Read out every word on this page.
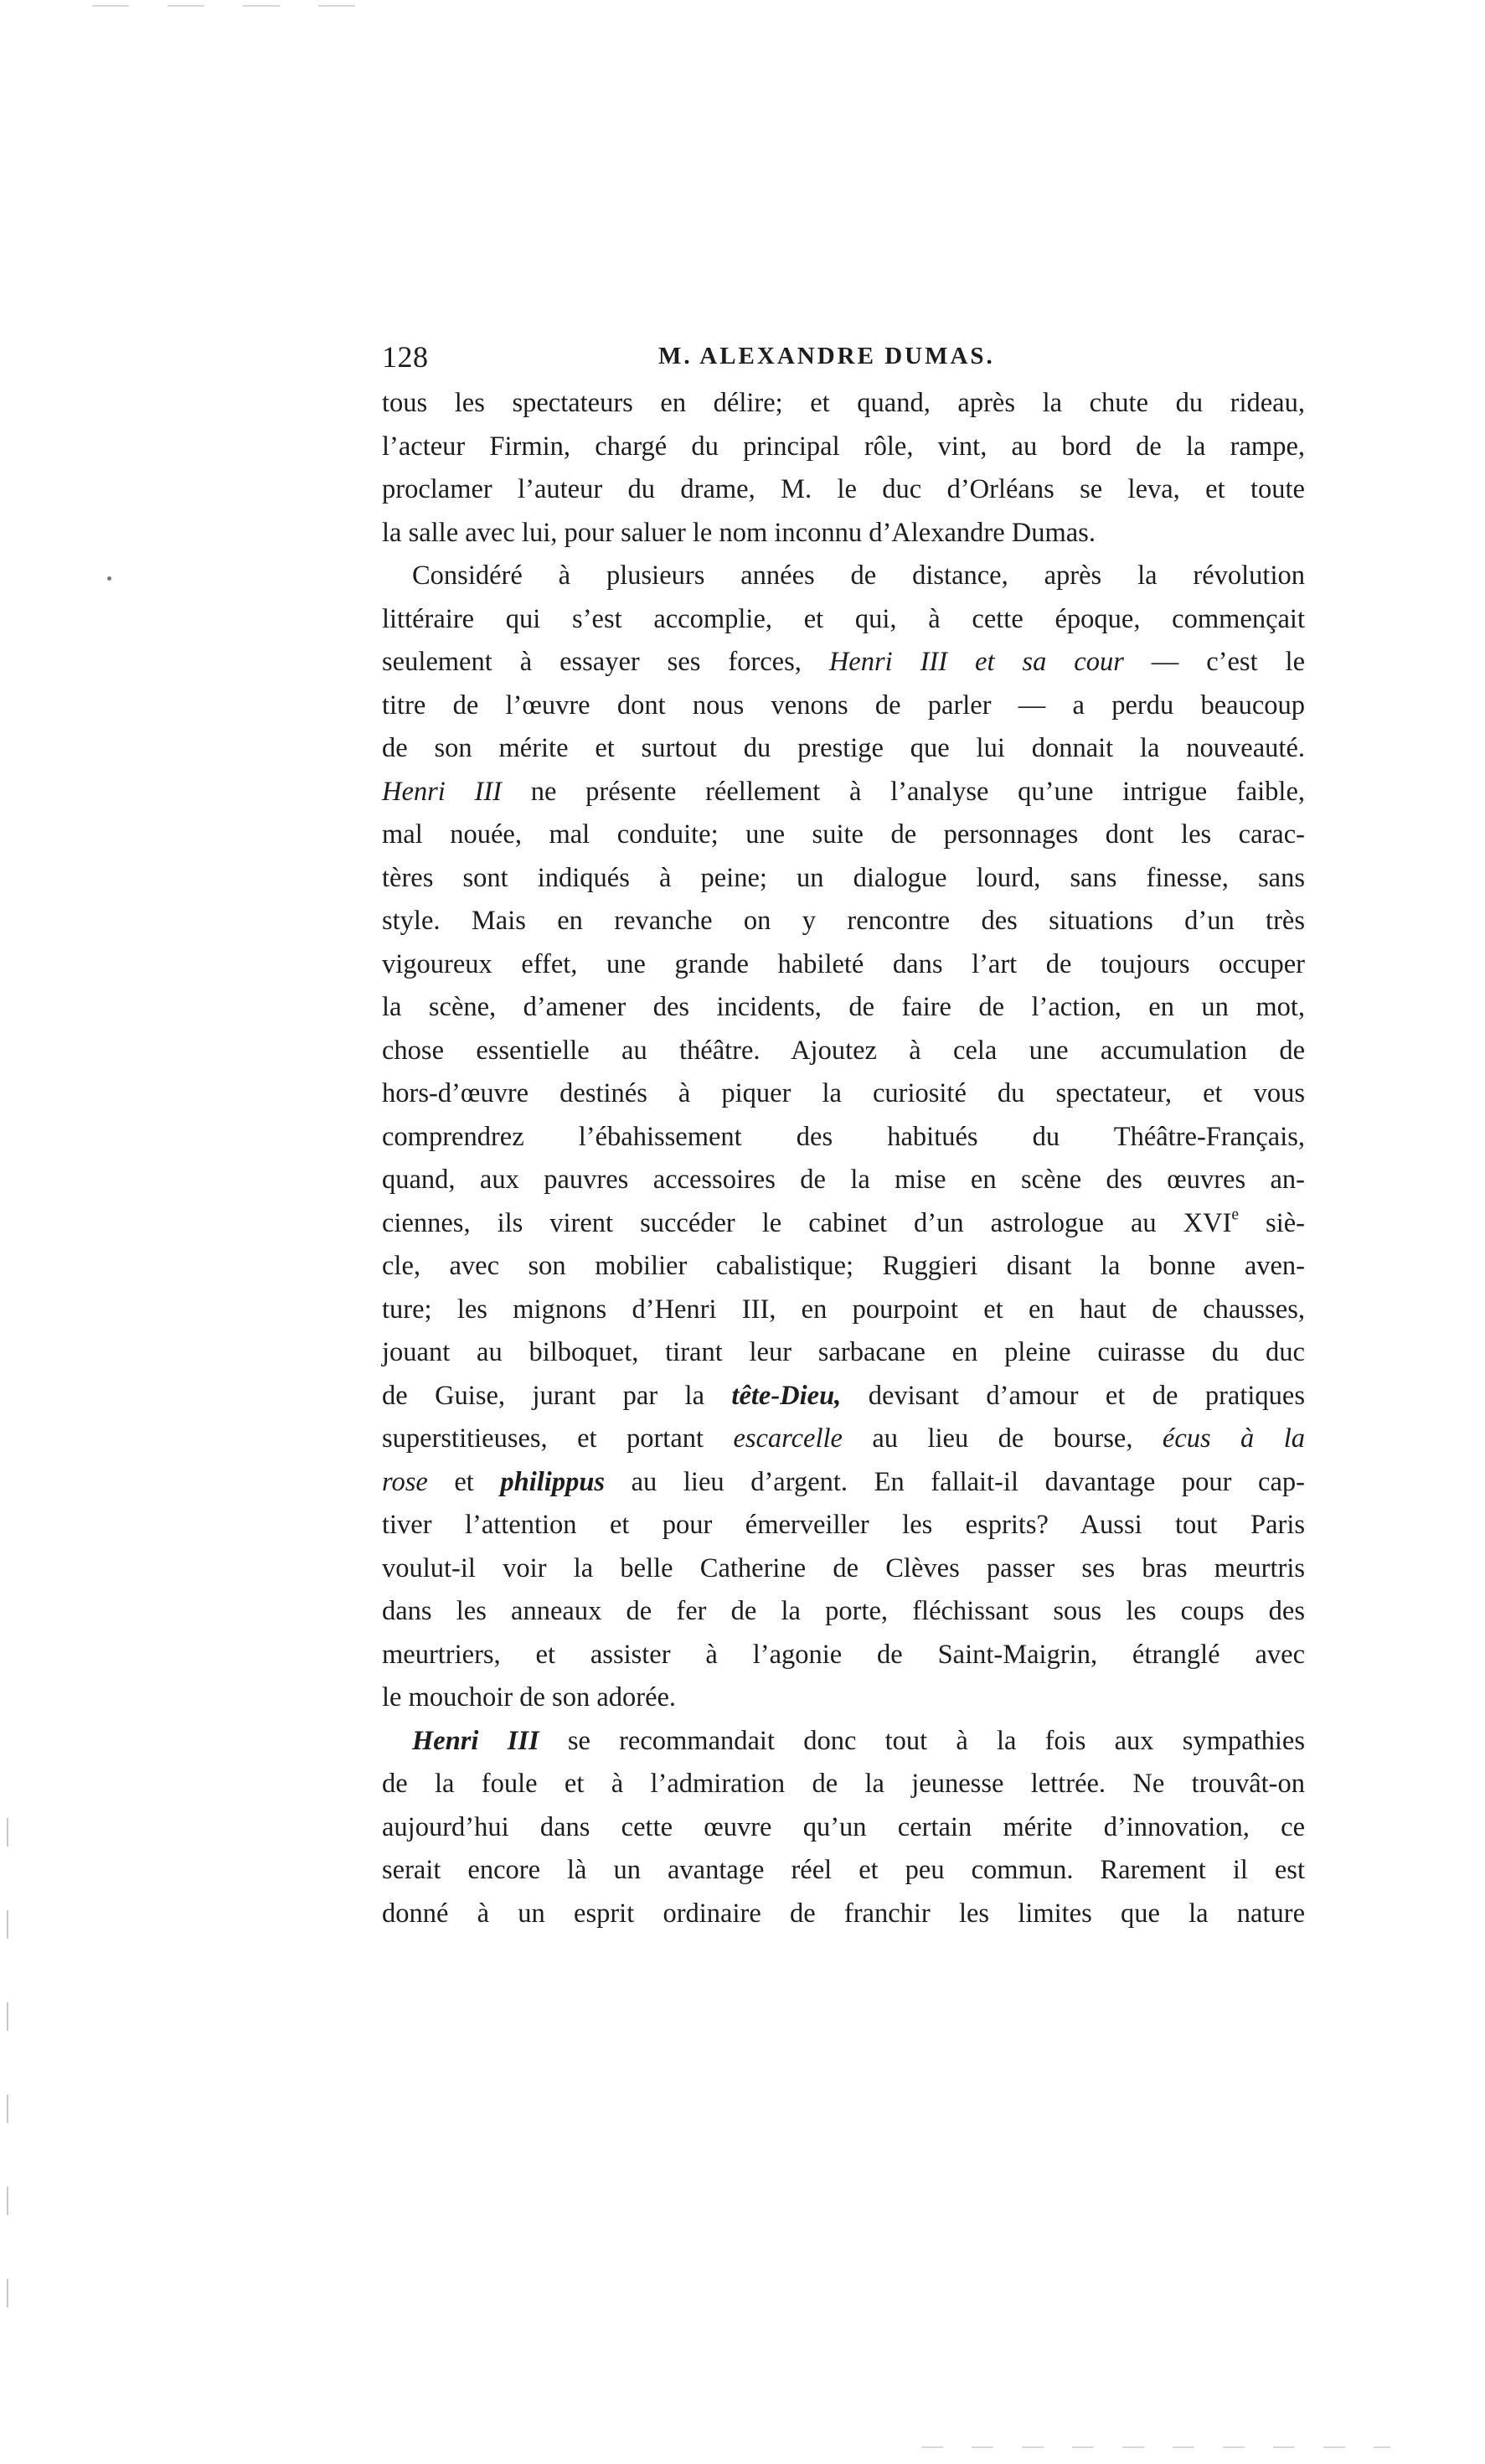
128	M. ALEXANDRE DUMAS.
tous les spectateurs en délire; et quand, après la chute du rideau,
l’acteur Firmin, chargé du principal rôle, vint, au bord de la rampe,
proclamer l’auteur du drame, M. le duc d’Orléans se leva, et toute
la salle avec lui, pour saluer le nom inconnu d’Alexandre Dumas.
Considéré à plusieurs années de distance, après la révolution
littéraire qui s’est accomplie, et qui, à cette époque, commençait
seulement à essayer ses forces, Henri III et sa cour — c’est le
titre de l’œuvre dont nous venons de parler — a perdu beaucoup
de son mérite et surtout du prestige que lui donnait la nouveauté.
Henri III ne présente réellement à l’analyse qu’une intrigue faible,
mal nouée, mal conduite; une suite de personnages dont les carac-
tères sont indiqués à peine; un dialogue lourd, sans finesse, sans
style. Mais en revanche on y rencontre des situations d’un très
vigoureux effet, une grande habileté dans l’art de toujours occuper
la scène, d’amener des incidents, de faire de l’action, en un mot,
chose essentielle au théâtre. Ajoutez à cela une accumulation de
hors-d’œuvre destinés à piquer la curiosité du spectateur, et vous
comprendrez l’ébahissement des habitués du Théâtre-Français,
quand, aux pauvres accessoires de la mise en scène des œuvres an-
ciennes, ils virent succéder le cabinet d’un astrologue au XVIe siè-
cle, avec son mobilier cabalistique; Ruggieri disant la bonne aven-
ture; les mignons d’Henri III, en pourpoint et en haut de chausses,
jouant au bilboquet, tirant leur sarbacane en pleine cuirasse du duc
de Guise, jurant par la tête-Dieu, devisant d’amour et de pratiques
superstitieuses, et portant escarcelle au lieu de bourse, écus à la
rose et philippus au lieu d’argent. En fallait-il davantage pour cap-
tiver l’attention et pour émerveiller les esprits? Aussi tout Paris
voulut-il voir la belle Catherine de Clèves passer ses bras meurtris
dans les anneaux de fer de la porte, fléchissant sous les coups des
meurtriers, et assister à l’agonie de Saint-Maigrin, étranglé avec
le mouchoir de son adorée.
Henri III se recommandait donc tout à la fois aux sympathies
de la foule et à l’admiration de la jeunesse lettrée. Ne trouvât-on
aujourd’hui dans cette œuvre qu’un certain mérite d’innovation, ce
serait encore là un avantage réel et peu commun. Rarement il est
donné à un esprit ordinaire de franchir les limites que la nature
